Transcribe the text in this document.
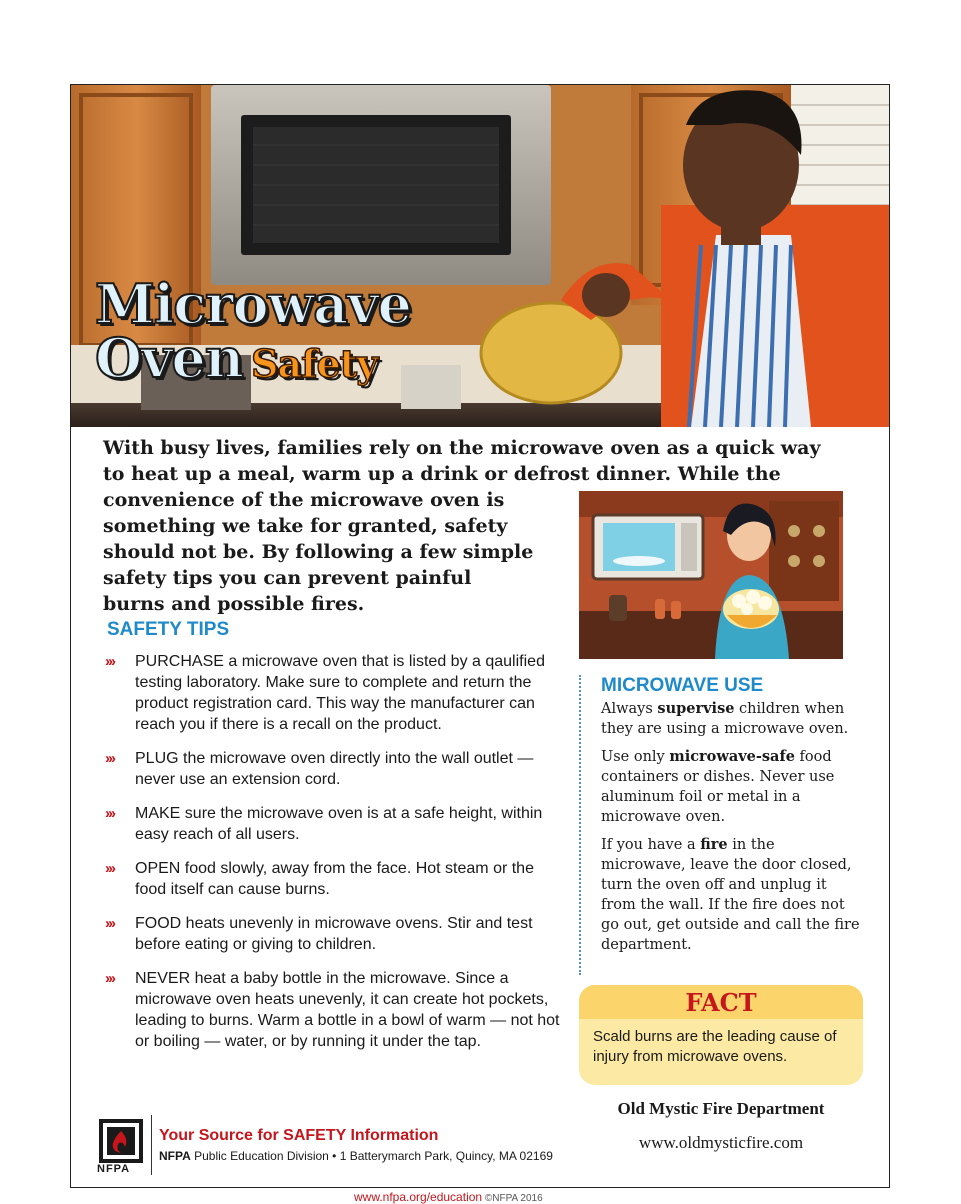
Microwave
Oven Safety
With busy lives, families rely on the microwave oven as a quick way
to heat up a meal, warm up a drink or defrost dinner. While the
convenience of the microwave oven is
something we take for granted, safety
should not be. By following a few simple
safety tips you can prevent painful
burns and possible fires.
SAFETY TIPS
››› PURCHASE a microwave oven that is listed by a qaulified testing laboratory. Make sure to complete and return the product registration card. This way the manufacturer can reach you if there is a recall on the product.
››› PLUG the microwave oven directly into the wall outlet — never use an extension cord.
››› MAKE sure the microwave oven is at a safe height, within easy reach of all users.
››› OPEN food slowly, away from the face. Hot steam or the food itself can cause burns.
››› FOOD heats unevenly in microwave ovens. Stir and test before eating or giving to children.
››› NEVER heat a baby bottle in the microwave. Since a microwave oven heats unevenly, it can create hot pockets, leading to burns. Warm a bottle in a bowl of warm — not hot or boiling — water, or by running it under the tap.
MICROWAVE USE

Always supervise children when they are using a microwave oven.

Use only microwave-safe food containers or dishes. Never use aluminum foil or metal in a microwave oven.

If you have a fire in the microwave, leave the door closed, turn the oven off and unplug it from the wall. If the fire does not go out, get outside and call the fire department.

FACT
Scald burns are the leading cause of injury from microwave ovens.
Old Mystic Fire Department
www.oldmysticfire.com
NFPA
Your Source for SAFETY Information
NFPA Public Education Division • 1 Batterymarch Park, Quincy, MA 02169
www.nfpa.org/education ©NFPA 2016
